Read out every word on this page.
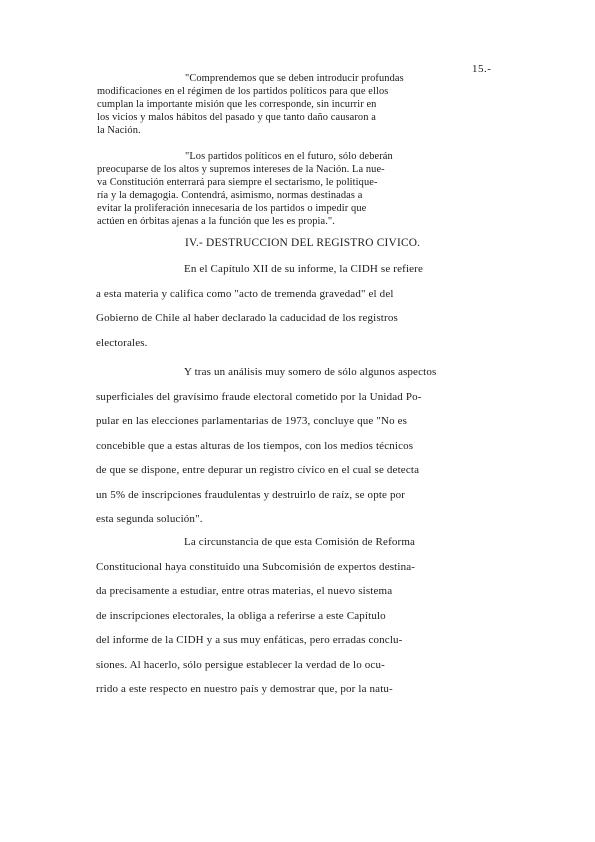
15.-
"Comprendemos que se deben introducir profundas
modificaciones en el régimen de los partidos políticos para que ellos
cumplan la importante misión que les corresponde, sin incurrir en
los vicios y malos hábitos del pasado y que tanto daño causaron a
la Nación.
"Los partidos políticos en el futuro, sólo deberán
preocuparse de los altos y supremos intereses de la Nación. La nue-
va Constitución enterrará para siempre el sectarismo, le politique-
ría y la demagogia. Contendrá, asimismo, normas destinadas a
evitar la proliferación innecesaria de los partidos o impedir que
actúen en órbitas ajenas a la función que les es propia.".
IV.- DESTRUCCION DEL REGISTRO CIVICO.
En el Capítulo XII de su informe, la CIDH se refiere
a esta materia y califica como "acto de tremenda gravedad" el del
Gobierno de Chile al haber declarado la caducidad de los registros
electorales.
Y tras un análisis muy somero de sólo algunos aspectos
superficiales del gravísimo fraude electoral cometido por la Unidad Po-
pular en las elecciones parlamentarias de 1973, concluye que "No es
concebible que a estas alturas de los tiempos, con los medios técnicos
de que se dispone, entre depurar un registro cívico en el cual se detecta
un 5% de inscripciones fraudulentas y destruirlo de raíz, se opte por
esta segunda solución".
La circunstancia de que esta Comisión de Reforma
Constitucional haya constituido una Subcomisión de expertos destina-
da precisamente a estudiar, entre otras materias, el nuevo sistema
de inscripciones electorales, la obliga a referirse a este Capítulo
del informe de la CIDH y a sus muy enfáticas, pero erradas conclu-
siones. Al hacerlo, sólo persigue establecer la verdad de lo ocu-
rrido a este respecto en nuestro país y demostrar que, por la natu-
